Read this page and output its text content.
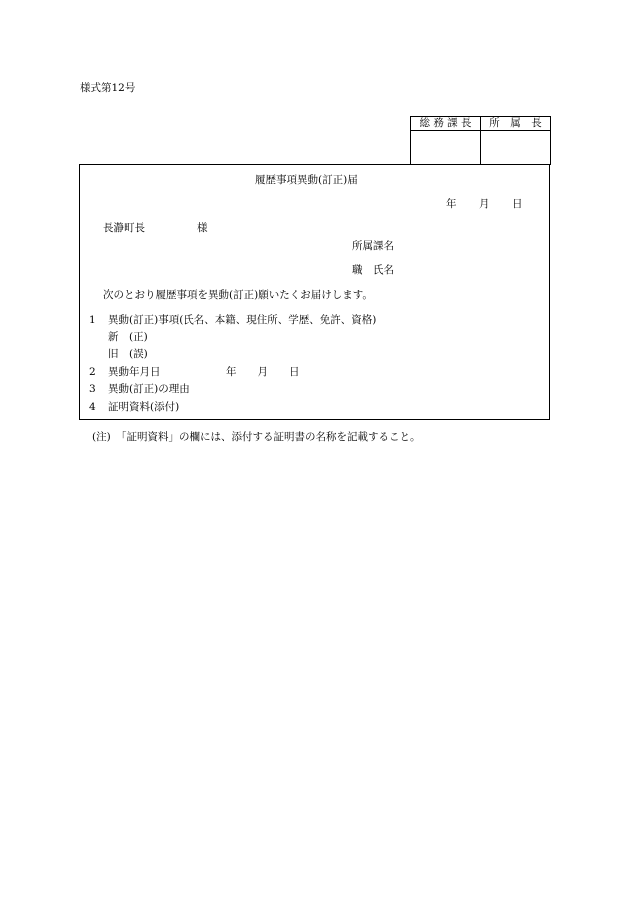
様式第12号
総 務 課 長	所　属　長
履歴事項異動(訂正)届
年　　月　　日
長瀞町長	様
所属課名
職　氏名
次のとおり履歴事項を異動(訂正)願いたくお届けします。
1 異動(訂正)事項(氏名、本籍、現住所、学歴、免許、資格)
新　(正)
旧　(誤)
2 異動年月日	年　　月　　日
3 異動(訂正)の理由
4 証明資料(添付)
(注)　「証明資料」の欄には、添付する証明書の名称を記載すること。
